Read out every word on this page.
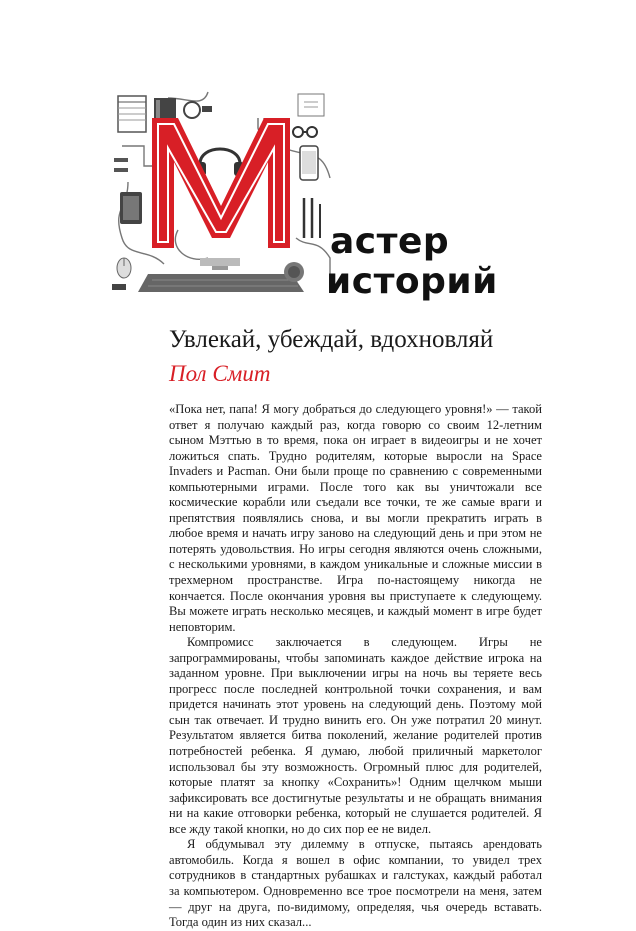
астер
историй
Увлекай, убеждай, вдохновляй
Пол Смит

«Пока нет, папа! Я могу добраться до следующего уровня!» — такой ответ я получаю каждый раз, когда говорю со своим 12-летним сыном Мэттью в то время, пока он играет в видеоигры и не хочет ложиться спать. Трудно родителям, которые выросли на Space Invaders и Pacman. Они были проще по сравнению с современными компьютерными играми. После того как вы уничтожали все космические корабли или съедали все точки, те же самые враги и препятствия появлялись снова, и вы могли прекратить играть в любое время и начать игру заново на следующий день и при этом не потерять удовольствия. Но игры сегодня являются очень сложными, с несколькими уровнями, в каждом уникальные и сложные миссии в трехмерном пространстве. Игра по-настоящему никогда не кончается. После окончания уровня вы приступаете к следующему. Вы можете играть несколько месяцев, и каждый момент в игре будет неповторим.

Компромисс заключается в следующем. Игры не запрограммированы, чтобы запоминать каждое действие игрока на заданном уровне. При выключении игры на ночь вы теряете весь прогресс после последней контрольной точки сохранения, и вам придется начинать этот уровень на следующий день. Поэтому мой сын так отвечает. И трудно винить его. Он уже потратил 20 минут. Результатом является битва поколений, желание родителей против потребностей ребенка. Я думаю, любой приличный маркетолог использовал бы эту возможность. Огромный плюс для родителей, которые платят за кнопку «Сохранить»! Одним щелчком мыши зафиксировать все достигнутые результаты и не обращать внимания ни на какие отговорки ребенка, который не слушается родителей. Я все жду такой кнопки, но до сих пор ее не видел.

Я обдумывал эту дилемму в отпуске, пытаясь арендовать автомобиль. Когда я вошел в офис компании, то увидел трех сотрудников в стандартных рубашках и галстуках, каждый работал за компьютером. Одновременно все трое посмотрели на меня, затем — друг на друга, по-видимому, определяя, чья очередь вставать. Тогда один из них сказал...
